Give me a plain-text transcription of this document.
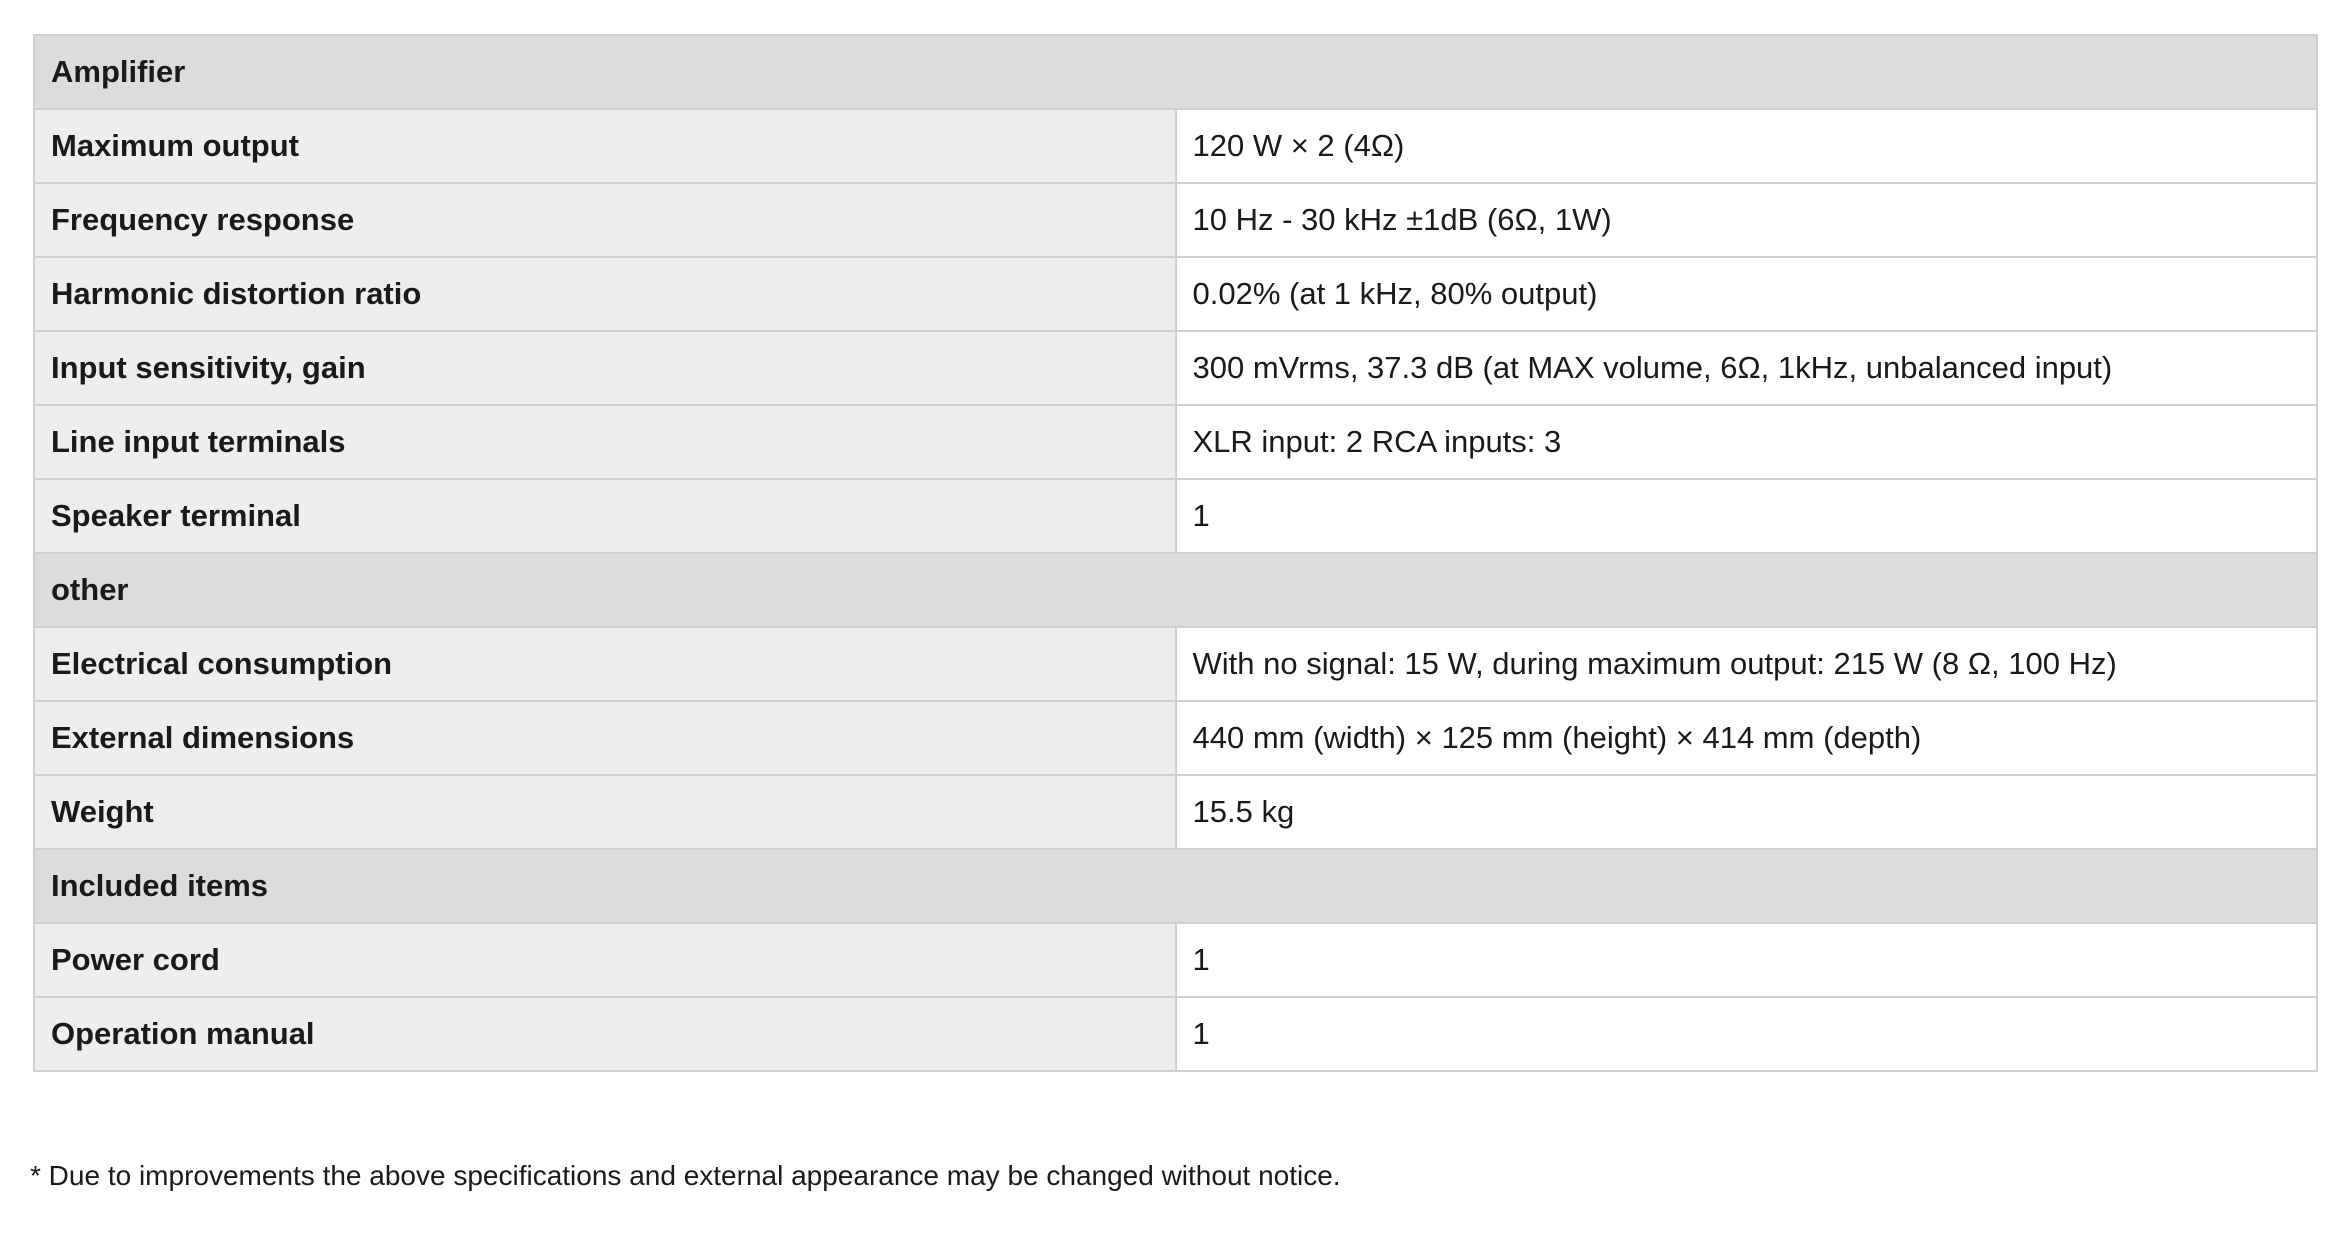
Amplifier	
Maximum output	120 W × 2 (4Ω)
Frequency response	10 Hz - 30 kHz ±1dB (6Ω, 1W)
Harmonic distortion ratio	0.02% (at 1 kHz, 80% output)
Input sensitivity, gain	300 mVrms, 37.3 dB (at MAX volume, 6Ω, 1kHz, unbalanced input)
Line input terminals	XLR input: 2 RCA inputs: 3
Speaker terminal	1
other	
Electrical consumption	With no signal: 15 W, during maximum output: 215 W (8 Ω, 100 Hz)
External dimensions	440 mm (width) × 125 mm (height) × 414 mm (depth)
Weight	15.5 kg
Included items	
Power cord	1
Operation manual	1
* Due to improvements the above specifications and external appearance may be changed without notice.
